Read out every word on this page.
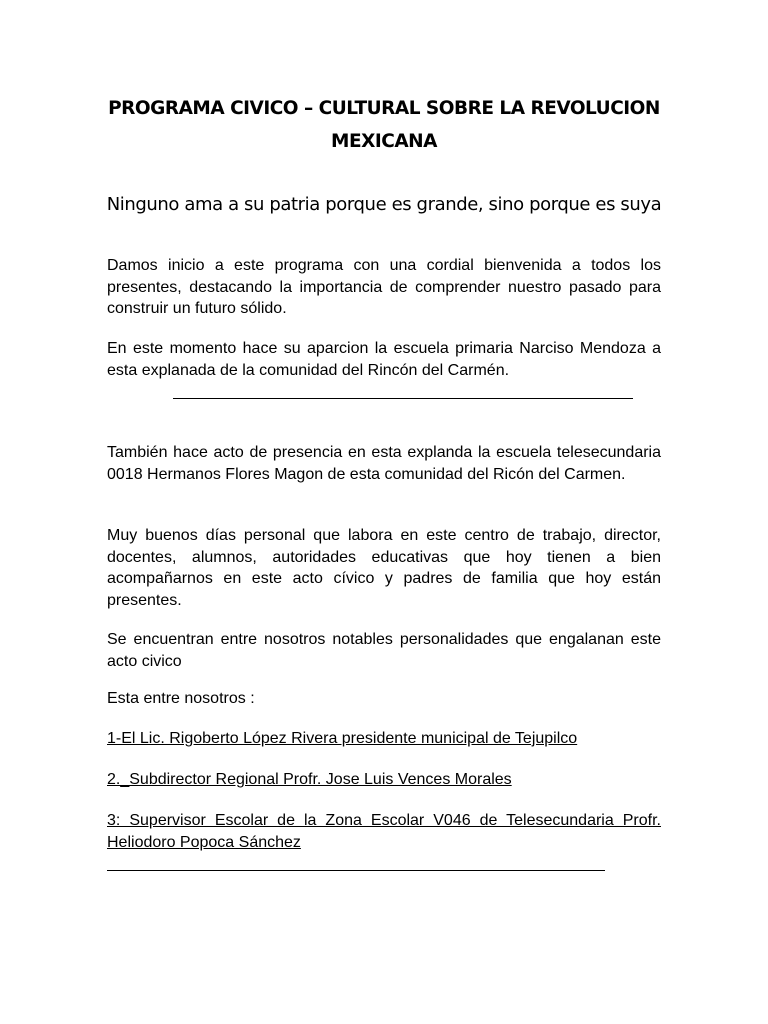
PROGRAMA CIVICO – CULTURAL SOBRE LA REVOLUCION MEXICANA
Ninguno ama a su patria porque es grande, sino porque es suya
Damos inicio a este programa con una cordial bienvenida a todos los presentes, destacando la importancia de comprender nuestro pasado para construir un futuro sólido.
En este momento hace su aparcion la escuela primaria Narciso Mendoza a esta explanada de la comunidad del Rincón del Carmén.
También hace acto de presencia en esta explanda la escuela telesecundaria 0018 Hermanos Flores Magon de esta comunidad del Ricón del Carmen.
Muy buenos días personal que labora en este centro de trabajo, director, docentes, alumnos, autoridades educativas que hoy tienen a bien acompañarnos en este acto cívico y padres de familia que hoy están presentes.
Se encuentran entre nosotros notables personalidades que engalanan este acto civico
Esta entre nosotros :
1-El Lic. Rigoberto López Rivera presidente municipal de Tejupilco
2._Subdirector Regional Profr. Jose Luis Vences Morales
3: Supervisor Escolar de la Zona Escolar V046 de Telesecundaria Profr. Heliodoro Popoca Sánchez
